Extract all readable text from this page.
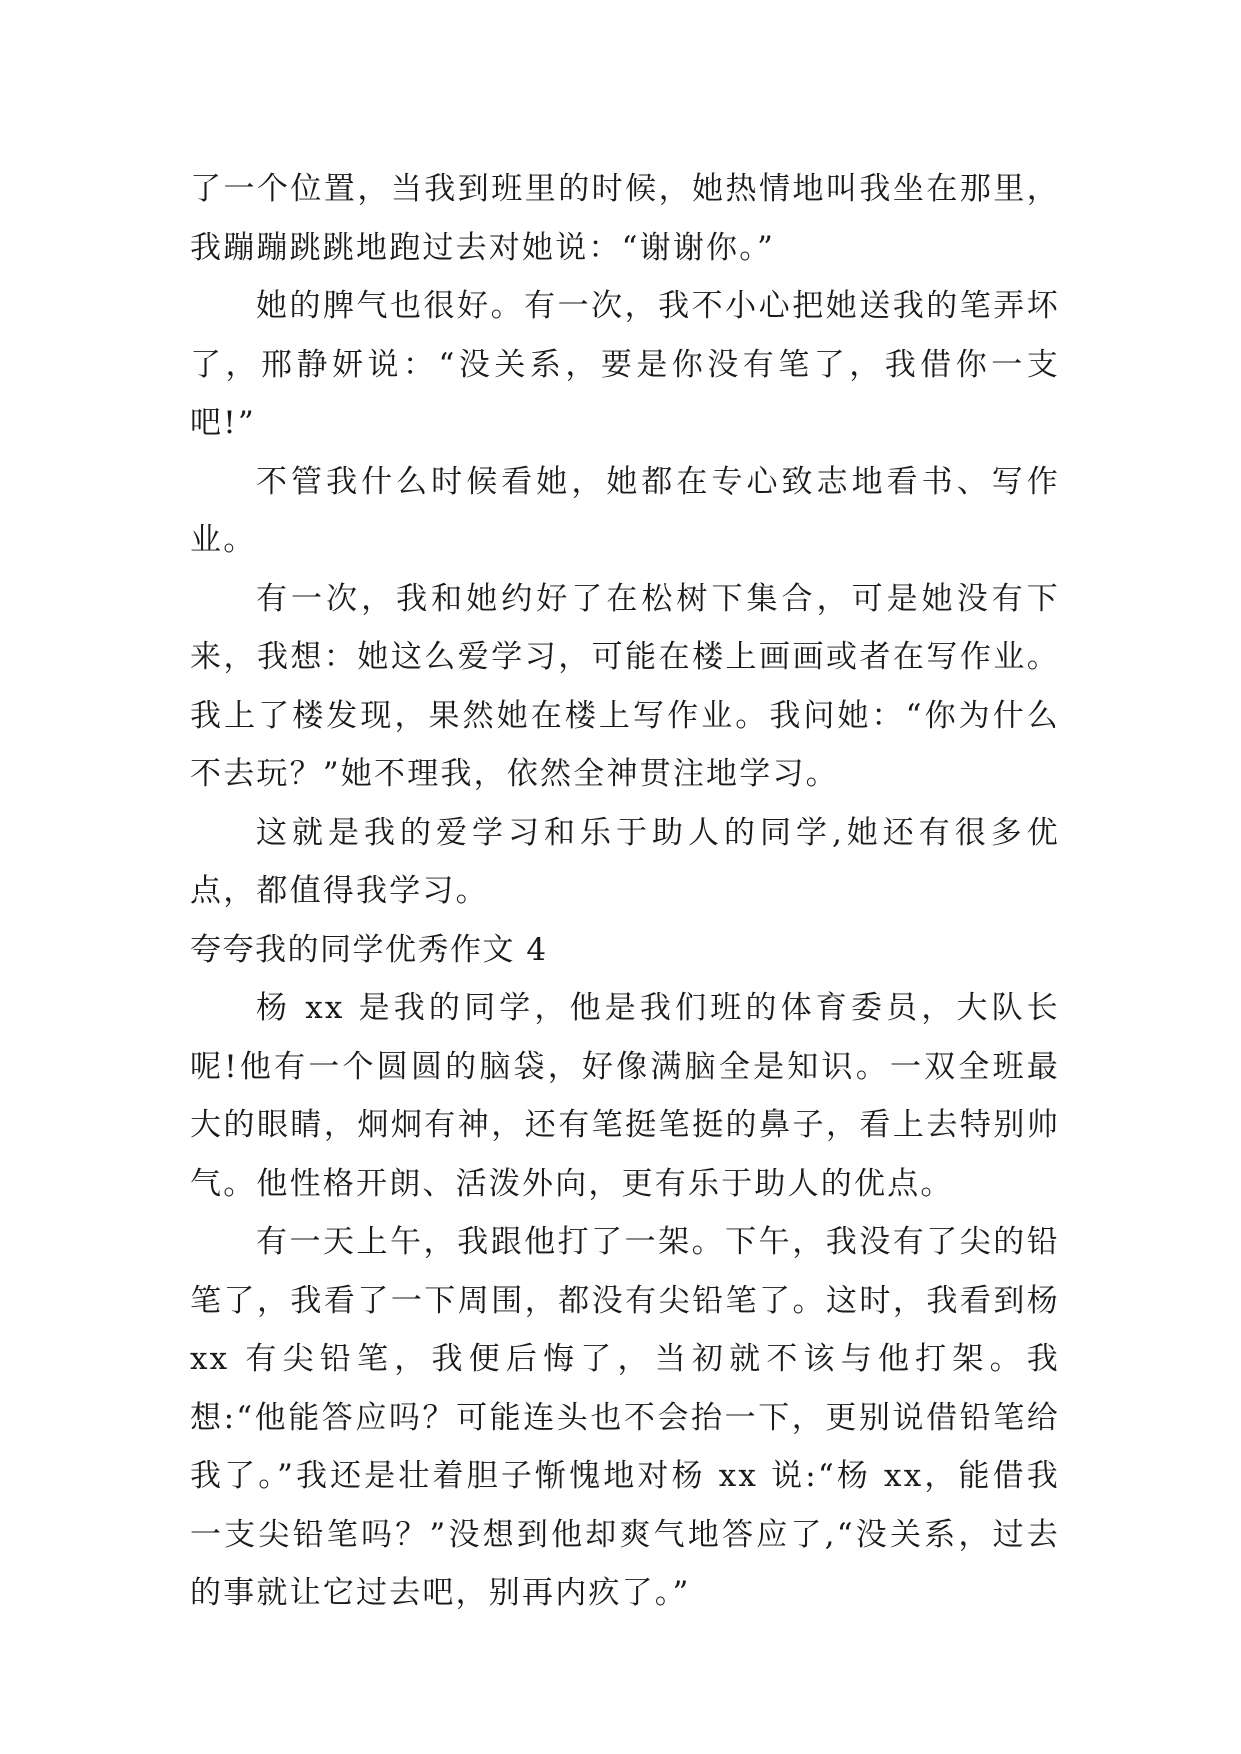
了一个位置，当我到班里的时候，她热情地叫我坐在那里，我蹦蹦跳跳地跑过去对她说：“谢谢你。”

她的脾气也很好。有一次，我不小心把她送我的笔弄坏了，邢静妍说：“没关系，要是你没有笔了，我借你一支吧!”

不管我什么时候看她，她都在专心致志地看书、写作业。

有一次，我和她约好了在松树下集合，可是她没有下来，我想：她这么爱学习，可能在楼上画画或者在写作业。我上了楼发现，果然她在楼上写作业。我问她：“你为什么不去玩？”她不理我，依然全神贯注地学习。

这就是我的爱学习和乐于助人的同学,她还有很多优点，都值得我学习。

夸夸我的同学优秀作文 4

杨 xx 是我的同学，他是我们班的体育委员，大队长呢!他有一个圆圆的脑袋，好像满脑全是知识。一双全班最大的眼睛，炯炯有神，还有笔挺笔挺的鼻子，看上去特别帅气。他性格开朗、活泼外向，更有乐于助人的优点。

有一天上午，我跟他打了一架。下午，我没有了尖的铅笔了，我看了一下周围，都没有尖铅笔了。这时，我看到杨 xx 有尖铅笔，我便后悔了，当初就不该与他打架。我想:“他能答应吗？可能连头也不会抬一下，更别说借铅笔给我了。”我还是壮着胆子惭愧地对杨 xx 说:“杨 xx，能借我一支尖铅笔吗？”没想到他却爽气地答应了,“没关系，过去的事就让它过去吧，别再内疚了。”
